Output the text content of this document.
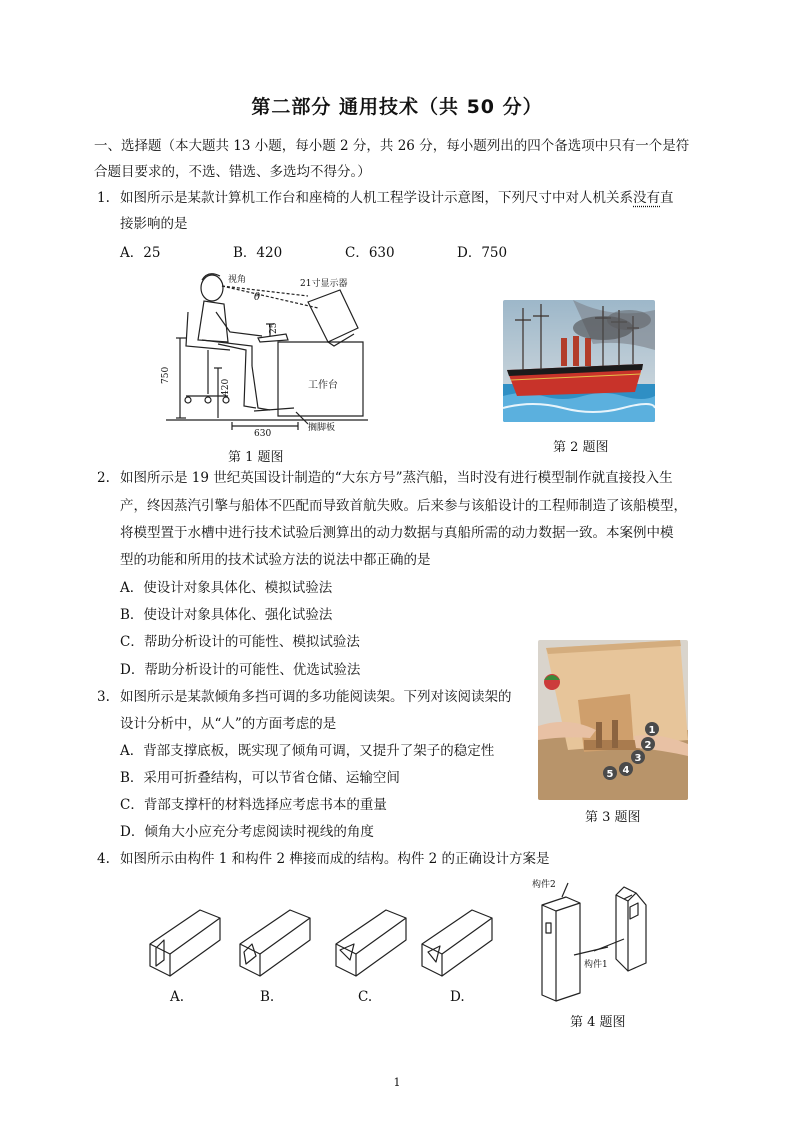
第二部分 通用技术（共 50 分）
一、选择题（本大题共 13 小题，每小题 2 分，共 26 分，每小题列出的四个备选项中只有一个是符
合题目要求的，不选、错选、多选均不得分。）
1. 如图所示是某款计算机工作台和座椅的人机工程学设计示意图，下列尺寸中对人机关系没有直
接影响的是
A．25	B．420	C．630	D．750
视角
θ
21寸显示器
工作台
搁脚板
630
750
420
25
第 1 题图
第 2 题图
2. 如图所示是 19 世纪英国设计制造的“大东方号”蒸汽船，当时没有进行模型制作就直接投入生
产，终因蒸汽引擎与船体不匹配而导致首航失败。后来参与该船设计的工程师制造了该船模型，
将模型置于水槽中进行技术试验后测算出的动力数据与真船所需的动力数据一致。本案例中模
型的功能和所用的技术试验方法的说法中都正确的是
A．使设计对象具体化、模拟试验法
B．使设计对象具体化、强化试验法
C．帮助分析设计的可能性、模拟试验法
D．帮助分析设计的可能性、优选试验法
1
2
3
4
5
第 3 题图
3. 如图所示是某款倾角多挡可调的多功能阅读架。下列对该阅读架的
设计分析中，从“人”的方面考虑的是
A．背部支撑底板，既实现了倾角可调，又提升了架子的稳定性
B．采用可折叠结构，可以节省仓储、运输空间
C．背部支撑杆的材料选择应考虑书本的重量
D．倾角大小应充分考虑阅读时视线的角度
4. 如图所示由构件 1 和构件 2 榫接而成的结构。构件 2 的正确设计方案是
A.	B.	C.	D.
构件2
构件1
第 4 题图
1
